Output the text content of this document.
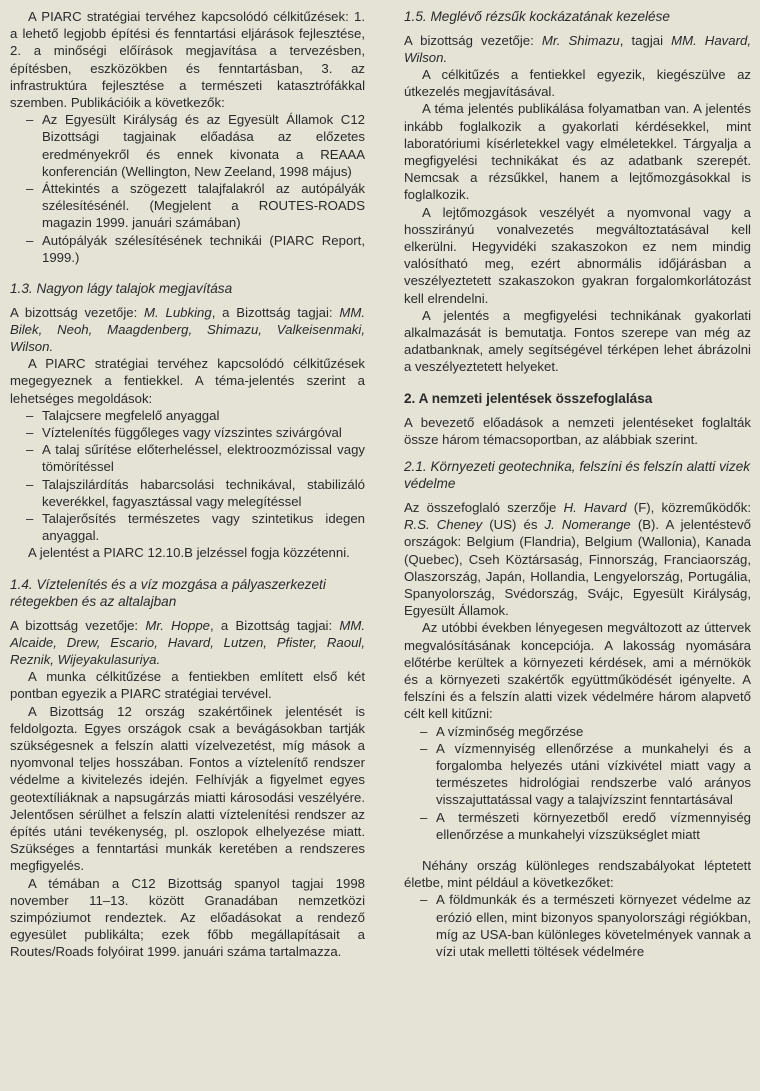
A PIARC stratégiai tervéhez kapcsolódó célkitűzések: 1. a lehető legjobb építési és fenntartási eljárások fejlesztése, 2. a minőségi előírások megjavítása a tervezésben, építésben, eszközökben és fenntartásban, 3. az infrastruktúra fejlesztése a természeti katasztrófákkal szemben. Publikációik a következők:

– Az Egyesült Királyság és az Egyesült Államok C12 Bizottsági tagjainak előadása az előzetes eredményekről és ennek kivonata a REAAA konferencián (Wellington, New Zeeland, 1998 május)
– Áttekintés a szögezett talajfalakról az autópályák szélesítésénél. (Megjelent a ROUTES-ROADS magazin 1999. januári számában)
– Autópályák szélesítésének technikái (PIARC Report, 1999.)
1.3. Nagyon lágy talajok megjavítása

A bizottság vezetője: M. Lubking, a Bizottság tagjai: MM. Bilek, Neoh, Maagdenberg, Shimazu, Valkeisenmaki, Wilson.

A PIARC stratégiai tervéhez kapcsolódó célkitűzések megegyeznek a fentiekkel. A téma-jelentés szerint a lehetséges megoldások:

– Talajcsere megfelelő anyaggal
– Víztelenítés függőleges vagy vízszintes szivárgóval
– A talaj sűrítése előterheléssel, elektroozmózissal vagy tömörítéssel
– Talajszilárdítás habarcsolási technikával, stabilizáló keverékkel, fagyasztással vagy melegítéssel
– Talajerősítés természetes vagy szintetikus idegen anyaggal.

A jelentést a PIARC 12.10.B jelzéssel fogja közzétenni.

1.4. Víztelenítés és a víz mozgása a pályaszerkezeti rétegekben és az altalajban

A bizottság vezetője: Mr. Hoppe, a Bizottság tagjai: MM. Alcaide, Drew, Escario, Havard, Lutzen, Pfister, Raoul, Reznik, Wijeyakulasuriya.

A munka célkitűzése a fentiekben említett első két pontban egyezik a PIARC stratégiai tervével.

A Bizottság 12 ország szakértőinek jelentését is feldolgozta. Egyes országok csak a bevágásokban tartják szükségesnek a felszín alatti vízelvezetést, míg mások a nyomvonal teljes hosszában. Fontos a víztelenítő rendszer védelme a kivitelezés idején. Felhívják a figyelmet egyes geotextíliáknak a napsugárzás miatti károsodási veszélyére. Jelentősen sérülhet a felszín alatti víztelenítési rendszer az építés utáni tevékenység, pl. oszlopok elhelyezése miatt. Szükséges a fenntartási munkák keretében a rendszeres megfigyelés.

A témában a C12 Bizottság spanyol tagjai 1998 november 11–13. között Granadában nemzetközi szimpóziumot rendeztek. Az előadásokat a rendező egyesület publikálta; ezek főbb megállapításait a Routes/Roads folyóirat 1999. januári száma tartalmazza.

1.5. Meglévő rézsűk kockázatának kezelése

A bizottság vezetője: Mr. Shimazu, tagjai MM. Havard, Wilson.

A célkitűzés a fentiekkel egyezik, kiegészülve az útkezelés megjavításával.

A téma jelentés publikálása folyamatban van. A jelentés inkább foglalkozik a gyakorlati kérdésekkel, mint laboratóriumi kísérletekkel vagy elméletekkel. Tárgyalja a megfigyelési technikákat és az adatbank szerepét. Nemcsak a rézsűkkel, hanem a lejtőmozgásokkal is foglalkozik.

A lejtőmozgások veszélyét a nyomvonal vagy a hosszirányú vonalvezetés megváltoztatásával kell elkerülni. Hegyvidéki szakaszokon ez nem mindig valósítható meg, ezért abnormális időjárásban a veszélyeztetett szakaszokon gyakran forgalomkorlátozást kell elrendelni.

A jelentés a megfigyelési technikának gyakorlati alkalmazását is bemutatja. Fontos szerepe van még az adatbanknak, amely segítségével térképen lehet ábrázolni a veszélyeztetett helyeket.

2. A nemzeti jelentések összefoglalása

A bevezető előadások a nemzeti jelentéseket foglalták össze három témacsoportban, az alábbiak szerint.

2.1. Környezeti geotechnika, felszíni és felszín alatti vizek védelme

Az összefoglaló szerzője H. Havard (F), közreműködők: R.S. Cheney (US) és J. Nomerange (B). A jelentéstevő országok: Belgium (Flandria), Belgium (Wallonia), Kanada (Quebec), Cseh Köztársaság, Finnország, Franciaország, Olaszország, Japán, Hollandia, Lengyelország, Portugália, Spanyolország, Svédország, Svájc, Egyesült Királyság, Egyesült Államok.

Az utóbbi években lényegesen megváltozott az úttervek megvalósításának koncepciója. A lakosság nyomására előtérbe kerültek a környezeti kérdések, ami a mérnökök és a környezeti szakértők együttműködését igényelte. A felszíni és a felszín alatti vizek védelmére három alapvető célt kell kitűzni:

– A vízminőség megőrzése
– A vízmennyiség ellenőrzése a munkahelyi és a forgalomba helyezés utáni vízkivétel miatt vagy a természetes hidrológiai rendszerbe való arányos visszajuttatással vagy a talajvízszint fenntartásával
– A természeti környezetből eredő vízmennyiség ellenőrzése a munkahelyi vízszükséglet miatt

Néhány ország különleges rendszabályokat léptetett életbe, mint például a következőket:

– A földmunkák és a természeti környezet védelme az erózió ellen, mint bizonyos spanyolországi régiókban, míg az USA-ban különleges követelmények vannak a vízi utak melletti töltések védelmére
